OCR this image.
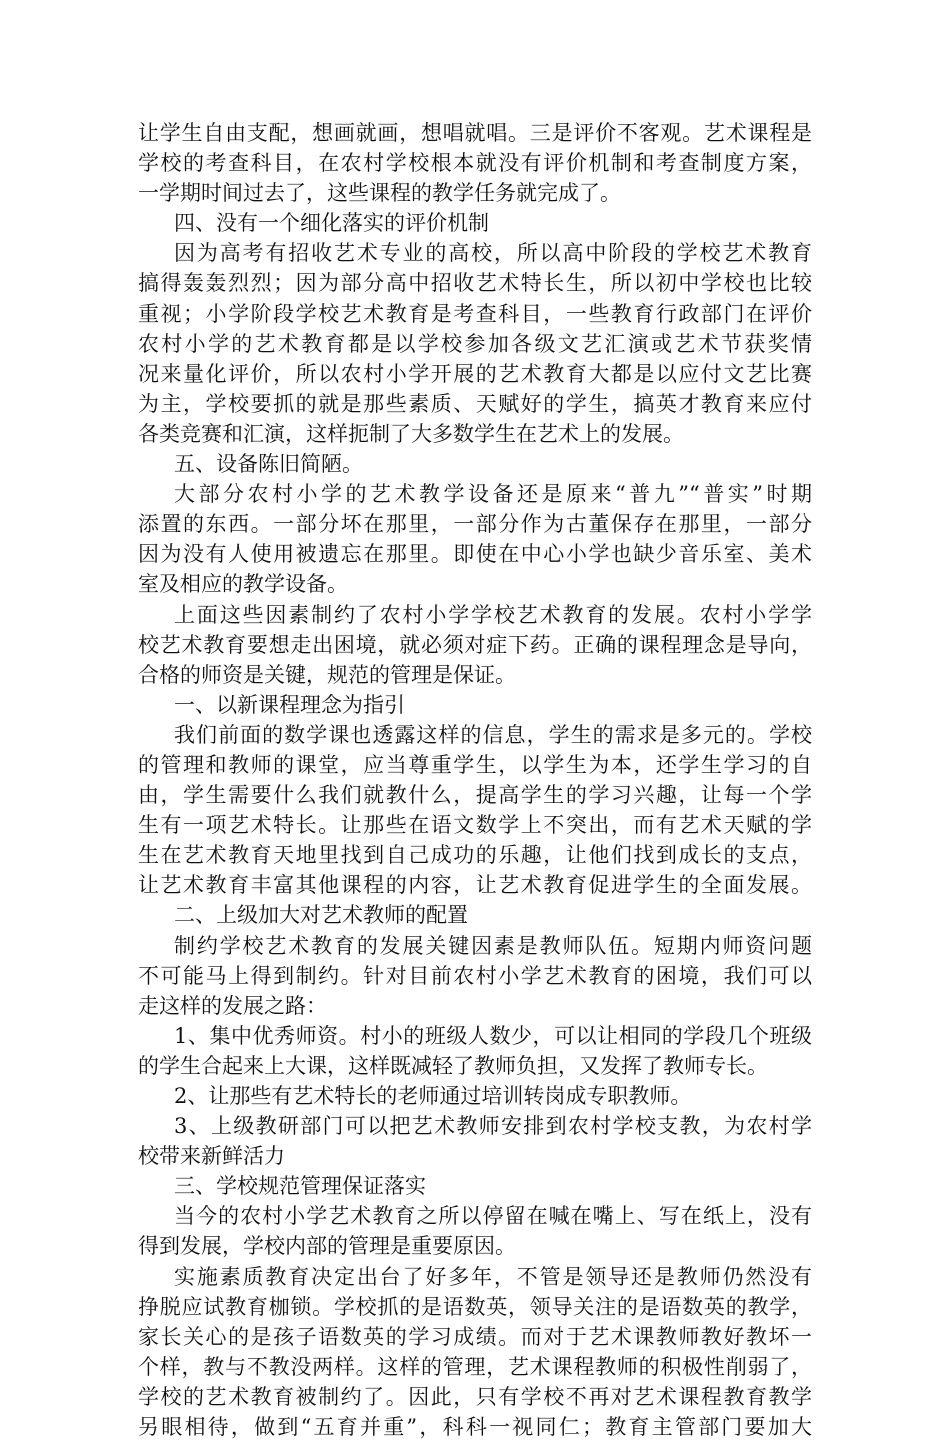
让学生自由支配，想画就画，想唱就唱。三是评价不客观。艺术课程是
学校的考查科目，在农村学校根本就没有评价机制和考查制度方案，
一学期时间过去了，这些课程的教学任务就完成了。
四、没有一个细化落实的评价机制
因为高考有招收艺术专业的高校，所以高中阶段的学校艺术教育
搞得轰轰烈烈；因为部分高中招收艺术特长生，所以初中学校也比较
重视；小学阶段学校艺术教育是考查科目，一些教育行政部门在评价
农村小学的艺术教育都是以学校参加各级文艺汇演或艺术节获奖情
况来量化评价，所以农村小学开展的艺术教育大都是以应付文艺比赛
为主，学校要抓的就是那些素质、天赋好的学生，搞英才教育来应付
各类竞赛和汇演，这样扼制了大多数学生在艺术上的发展。
五、设备陈旧简陋。
大部分农村小学的艺术教学设备还是原来“普九”“普实”时期
添置的东西。一部分坏在那里，一部分作为古董保存在那里，一部分
因为没有人使用被遗忘在那里。即使在中心小学也缺少音乐室、美术
室及相应的教学设备。
上面这些因素制约了农村小学学校艺术教育的发展。农村小学学
校艺术教育要想走出困境，就必须对症下药。正确的课程理念是导向，
合格的师资是关键，规范的管理是保证。
一、以新课程理念为指引
我们前面的数学课也透露这样的信息，学生的需求是多元的。学校
的管理和教师的课堂，应当尊重学生，以学生为本，还学生学习的自
由，学生需要什么我们就教什么，提高学生的学习兴趣，让每一个学
生有一项艺术特长。让那些在语文数学上不突出，而有艺术天赋的学
生在艺术教育天地里找到自己成功的乐趣，让他们找到成长的支点，
让艺术教育丰富其他课程的内容，让艺术教育促进学生的全面发展。
二、上级加大对艺术教师的配置
制约学校艺术教育的发展关键因素是教师队伍。短期内师资问题
不可能马上得到制约。针对目前农村小学艺术教育的困境，我们可以
走这样的发展之路：
1、集中优秀师资。村小的班级人数少，可以让相同的学段几个班级
的学生合起来上大课，这样既减轻了教师负担，又发挥了教师专长。
2、让那些有艺术特长的老师通过培训转岗成专职教师。
3、上级教研部门可以把艺术教师安排到农村学校支教，为农村学
校带来新鲜活力
三、学校规范管理保证落实
当今的农村小学艺术教育之所以停留在喊在嘴上、写在纸上，没有
得到发展，学校内部的管理是重要原因。
实施素质教育决定出台了好多年，不管是领导还是教师仍然没有
挣脱应试教育枷锁。学校抓的是语数英，领导关注的是语数英的教学，
家长关心的是孩子语数英的学习成绩。而对于艺术课教师教好教坏一
个样，教与不教没两样。这样的管理，艺术课程教师的积极性削弱了，
学校的艺术教育被制约了。因此，只有学校不再对艺术课程教育教学
另眼相待，做到“五育并重”，科科一视同仁；教育主管部门要加大
